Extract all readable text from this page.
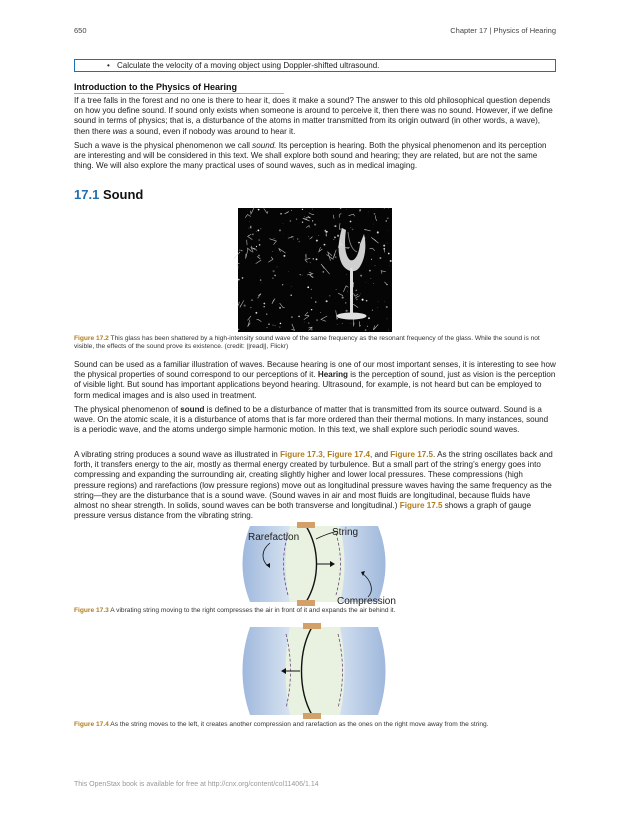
650	Chapter 17 | Physics of Hearing
• Calculate the velocity of a moving object using Doppler-shifted ultrasound.
Introduction to the Physics of Hearing
If a tree falls in the forest and no one is there to hear it, does it make a sound? The answer to this old philosophical question depends on how you define sound. If sound only exists when someone is around to perceive it, then there was no sound. However, if we define sound in terms of physics; that is, a disturbance of the atoms in matter transmitted from its origin outward (in other words, a wave), then there was a sound, even if nobody was around to hear it.
Such a wave is the physical phenomenon we call sound. Its perception is hearing. Both the physical phenomenon and its perception are interesting and will be considered in this text. We shall explore both sound and hearing; they are related, but are not the same thing. We will also explore the many practical uses of sound waves, such as in medical imaging.
17.1 Sound
Figure 17.2 This glass has been shattered by a high-intensity sound wave of the same frequency as the resonant frequency of the glass. While the sound is not visible, the effects of the sound prove its existence. (credit: ||read||, Flickr)
Sound can be used as a familiar illustration of waves. Because hearing is one of our most important senses, it is interesting to see how the physical properties of sound correspond to our perceptions of it. Hearing is the perception of sound, just as vision is the perception of visible light. But sound has important applications beyond hearing. Ultrasound, for example, is not heard but can be employed to form medical images and is also used in treatment.
The physical phenomenon of sound is defined to be a disturbance of matter that is transmitted from its source outward. Sound is a wave. On the atomic scale, it is a disturbance of atoms that is far more ordered than their thermal motions. In many instances, sound is a periodic wave, and the atoms undergo simple harmonic motion. In this text, we shall explore such periodic sound waves.
A vibrating string produces a sound wave as illustrated in Figure 17.3, Figure 17.4, and Figure 17.5. As the string oscillates back and forth, it transfers energy to the air, mostly as thermal energy created by turbulence. But a small part of the string’s energy goes into compressing and expanding the surrounding air, creating slightly higher and lower local pressures. These compressions (high pressure regions) and rarefactions (low pressure regions) move out as longitudinal pressure waves having the same frequency as the string—they are the disturbance that is a sound wave. (Sound waves in air and most fluids are longitudinal, because fluids have almost no shear strength. In solids, sound waves can be both transverse and longitudinal.) Figure 17.5 shows a graph of gauge pressure versus distance from the vibrating string.
Rarefaction	String
Compression
Figure 17.3 A vibrating string moving to the right compresses the air in front of it and expands the air behind it.
Figure 17.4 As the string moves to the left, it creates another compression and rarefaction as the ones on the right move away from the string.
This OpenStax book is available for free at http://cnx.org/content/col11406/1.14
